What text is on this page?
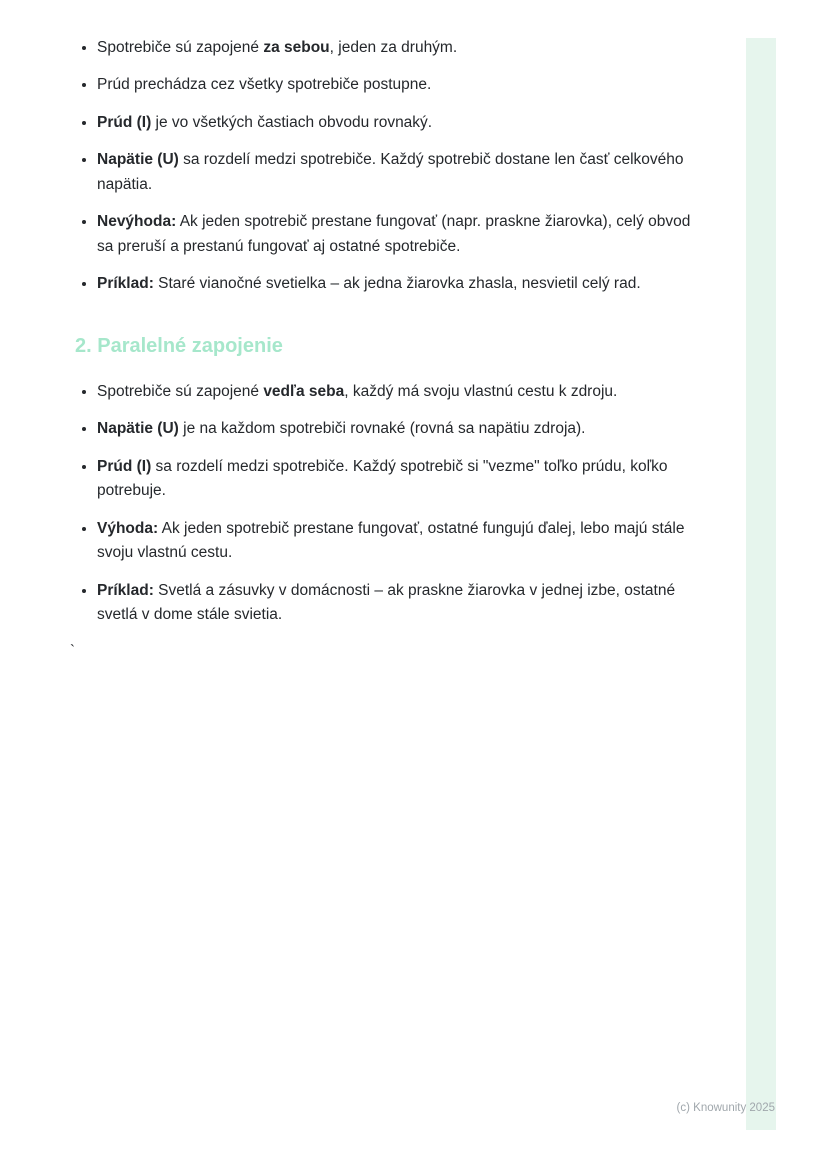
• Spotrebiče sú zapojené za sebou, jeden za druhým.
• Prúd prechádza cez všetky spotrebiče postupne.
• Prúd (I) je vo všetkých častiach obvodu rovnaký.
• Napätie (U) sa rozdelí medzi spotrebiče. Každý spotrebič dostane len časť celkového napätia.
• Nevýhoda: Ak jeden spotrebič prestane fungovať (napr. praskne žiarovka), celý obvod sa preruší a prestanú fungovať aj ostatné spotrebiče.
• Príklad: Staré vianočné svetielka – ak jedna žiarovka zhasla, nesvietil celý rad.
2. Paralelné zapojenie
• Spotrebiče sú zapojené vedľa seba, každý má svoju vlastnú cestu k zdroju.
• Napätie (U) je na každom spotrebiči rovnaké (rovná sa napätiu zdroja).
• Prúd (I) sa rozdelí medzi spotrebiče. Každý spotrebič si "vezme" toľko prúdu, koľko potrebuje.
• Výhoda: Ak jeden spotrebič prestane fungovať, ostatné fungujú ďalej, lebo majú stále svoju vlastnú cestu.
• Príklad: Svetlá a zásuvky v domácnosti – ak praskne žiarovka v jednej izbe, ostatné svetlá v dome stále svietia.
`
(c) Knowunity 2025
